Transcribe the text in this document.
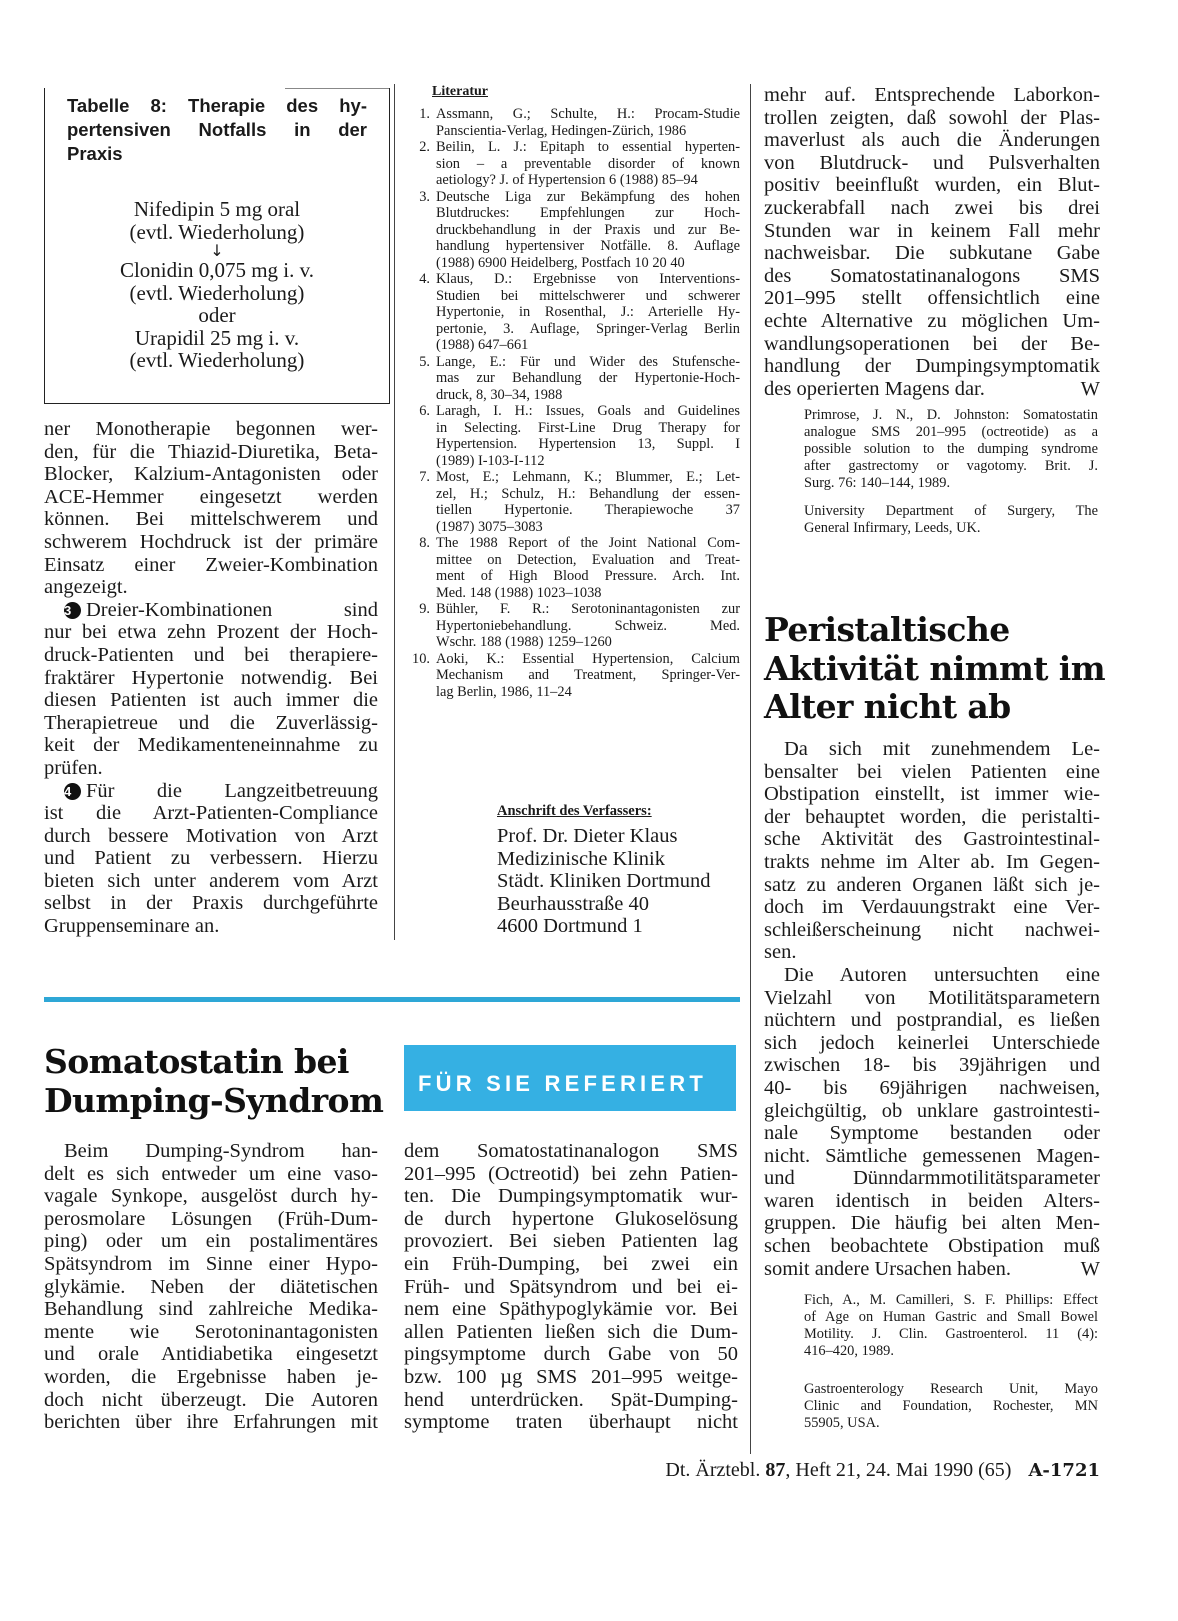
Tabelle 8: Therapie des hy-
pertensiven Notfalls in der
Praxis
Nifedipin 5 mg oral
(evtl. Wiederholung)
↓
Clonidin 0,075 mg i. v.
(evtl. Wiederholung)
oder
Urapidil 25 mg i. v.
(evtl. Wiederholung)
ner Monotherapie begonnen wer-
den, für die Thiazid-Diuretika, Beta-
Blocker, Kalzium-Antagonisten oder
ACE-Hemmer eingesetzt werden
können. Bei mittelschwerem und
schwerem Hochdruck ist der primäre
Einsatz einer Zweier-Kombination
angezeigt.
3 Dreier-Kombinationen sind
nur bei etwa zehn Prozent der Hoch-
druck-Patienten und bei therapiere-
fraktärer Hypertonie notwendig. Bei
diesen Patienten ist auch immer die
Therapietreue und die Zuverlässig-
keit der Medikamenteneinnahme zu
prüfen.
4 Für die Langzeitbetreuung
ist die Arzt-Patienten-Compliance
durch bessere Motivation von Arzt
und Patient zu verbessern. Hierzu
bieten sich unter anderem vom Arzt
selbst in der Praxis durchgeführte
Gruppenseminare an.
Literatur
1. Assmann, G.; Schulte, H.: Procam-Studie
Panscientia-Verlag, Hedingen-Zürich, 1986
2. Beilin, L. J.: Epitaph to essential hyperten-
sion – a preventable disorder of known
aetiology? J. of Hypertension 6 (1988) 85–94
3. Deutsche Liga zur Bekämpfung des hohen
Blutdruckes: Empfehlungen zur Hoch-
druckbehandlung in der Praxis und zur Be-
handlung hypertensiver Notfälle. 8. Auflage
(1988) 6900 Heidelberg, Postfach 10 20 40
4. Klaus, D.: Ergebnisse von Interventions-
Studien bei mittelschwerer und schwerer
Hypertonie, in Rosenthal, J.: Arterielle Hy-
pertonie, 3. Auflage, Springer-Verlag Berlin
(1988) 647–661
5. Lange, E.: Für und Wider des Stufensche-
mas zur Behandlung der Hypertonie-Hoch-
druck, 8, 30–34, 1988
6. Laragh, I. H.: Issues, Goals and Guidelines
in Selecting. First-Line Drug Therapy for
Hypertension. Hypertension 13, Suppl. I
(1989) I-103-I-112
7. Most, E.; Lehmann, K.; Blummer, E.; Let-
zel, H.; Schulz, H.: Behandlung der essen-
tiellen Hypertonie. Therapiewoche 37
(1987) 3075–3083
8. The 1988 Report of the Joint National Com-
mittee on Detection, Evaluation and Treat-
ment of High Blood Pressure. Arch. Int.
Med. 148 (1988) 1023–1038
9. Bühler, F. R.: Serotoninantagonisten zur
Hypertoniebehandlung. Schweiz. Med.
Wschr. 188 (1988) 1259–1260
10. Aoki, K.: Essential Hypertension, Calcium
Mechanism and Treatment, Springer-Ver-
lag Berlin, 1986, 11–24
Anschrift des Verfassers:
Prof. Dr. Dieter Klaus
Medizinische Klinik
Städt. Kliniken Dortmund
Beurhausstraße 40
4600 Dortmund 1
mehr auf. Entsprechende Laborkon-
trollen zeigten, daß sowohl der Plas-
maverlust als auch die Änderungen
von Blutdruck- und Pulsverhalten
positiv beeinflußt wurden, ein Blut-
zuckerabfall nach zwei bis drei
Stunden war in keinem Fall mehr
nachweisbar. Die subkutane Gabe
des Somatostatinanalogons SMS
201–995 stellt offensichtlich eine
echte Alternative zu möglichen Um-
wandlungsoperationen bei der Be-
handlung der Dumpingsymptomatik
des operierten Magens dar.	W
Primrose, J. N., D. Johnston: Somatostatin
analogue SMS 201–995 (octreotide) as a
possible solution to the dumping syndrome
after gastrectomy or vagotomy. Brit. J.
Surg. 76: 140–144, 1989.
University Department of Surgery, The
General Infirmary, Leeds, UK.
Peristaltische
Aktivität nimmt im
Alter nicht ab
Da sich mit zunehmendem Le-
bensalter bei vielen Patienten eine
Obstipation einstellt, ist immer wie-
der behauptet worden, die peristalti-
sche Aktivität des Gastrointestinal-
trakts nehme im Alter ab. Im Gegen-
satz zu anderen Organen läßt sich je-
doch im Verdauungstrakt eine Ver-
schleißerscheinung nicht nachwei-
sen.
Die Autoren untersuchten eine
Vielzahl von Motilitätsparametern
nüchtern und postprandial, es ließen
sich jedoch keinerlei Unterschiede
zwischen 18- bis 39jährigen und
40- bis 69jährigen nachweisen,
gleichgültig, ob unklare gastrointesti-
nale Symptome bestanden oder
nicht. Sämtliche gemessenen Magen-
und Dünndarmmotilitätsparameter
waren identisch in beiden Alters-
gruppen. Die häufig bei alten Men-
schen beobachtete Obstipation muß
somit andere Ursachen haben.	W
Fich, A., M. Camilleri, S. F. Phillips: Effect
of Age on Human Gastric and Small Bowel
Motility. J. Clin. Gastroenterol. 11 (4):
416–420, 1989.
Gastroenterology Research Unit, Mayo
Clinic and Foundation, Rochester, MN
55905, USA.
Somatostatin bei
Dumping-Syndrom FÜR SIE REFERIERT
Beim Dumping-Syndrom han-
delt es sich entweder um eine vaso-
vagale Synkope, ausgelöst durch hy-
perosmolare Lösungen (Früh-Dum-
ping) oder um ein postalimentäres
Spätsyndrom im Sinne einer Hypo-
glykämie. Neben der diätetischen
Behandlung sind zahlreiche Medika-
mente wie Serotoninantagonisten
und orale Antidiabetika eingesetzt
worden, die Ergebnisse haben je-
doch nicht überzeugt. Die Autoren
berichten über ihre Erfahrungen mit
dem Somatostatinanalogon SMS
201–995 (Octreotid) bei zehn Patien-
ten. Die Dumpingsymptomatik wur-
de durch hypertone Glukoselösung
provoziert. Bei sieben Patienten lag
ein Früh-Dumping, bei zwei ein
Früh- und Spätsyndrom und bei ei-
nem eine Späthypoglykämie vor. Bei
allen Patienten ließen sich die Dum-
pingsymptome durch Gabe von 50
bzw. 100 µg SMS 201–995 weitge-
hend unterdrücken. Spät-Dumping-
symptome traten überhaupt nicht
Dt. Ärztebl. 87, Heft 21, 24. Mai 1990 (65) A-1721
